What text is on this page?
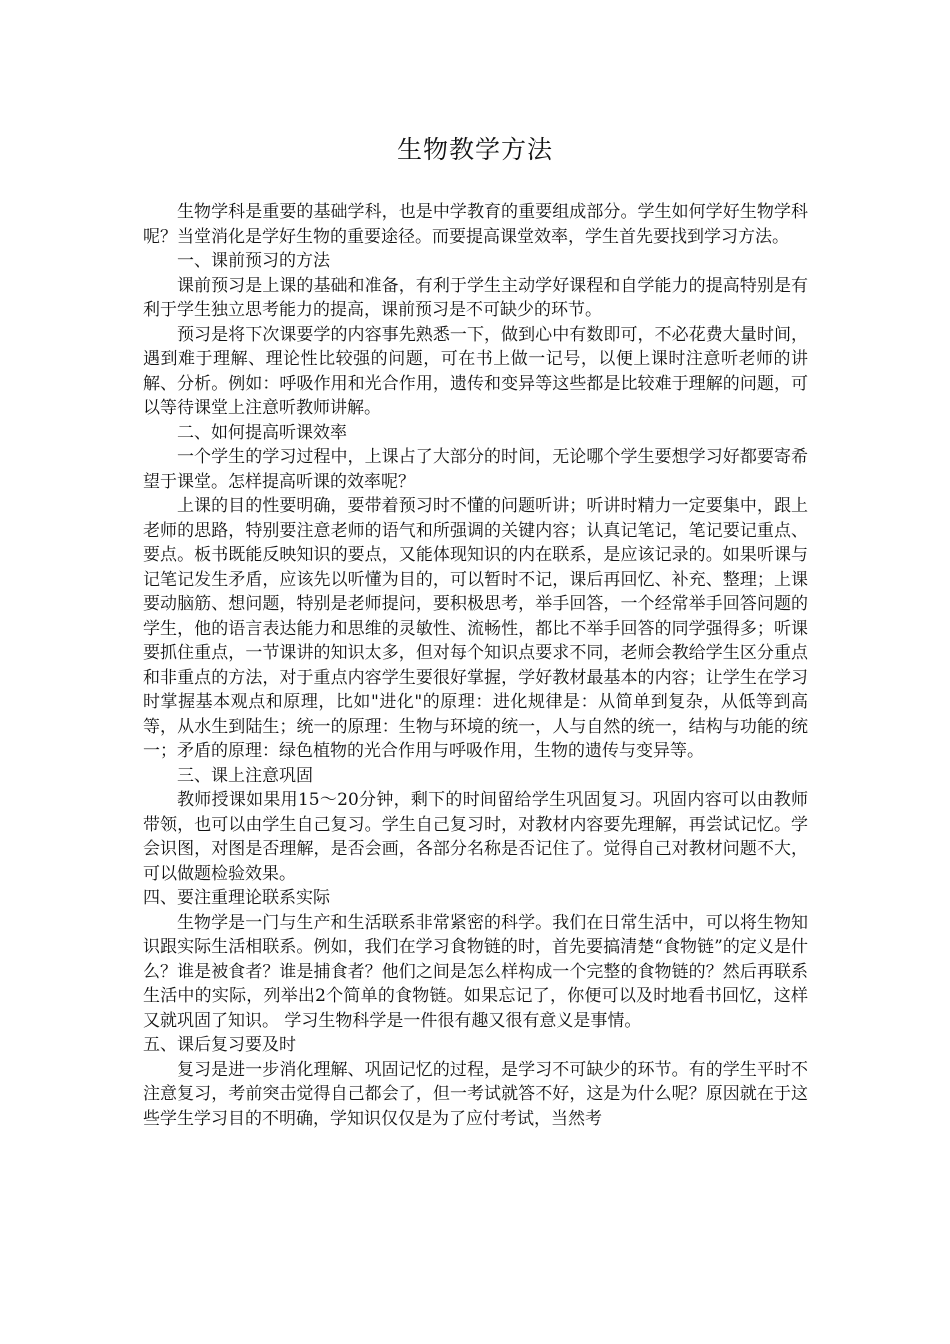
生物教学方法

生物学科是重要的基础学科，也是中学教育的重要组成部分。学生如何学好生物学科呢？当堂消化是学好生物的重要途径。而要提高课堂效率，学生首先要找到学习方法。

一、课前预习的方法

课前预习是上课的基础和准备，有利于学生主动学好课程和自学能力的提高特别是有利于学生独立思考能力的提高，课前预习是不可缺少的环节。

预习是将下次课要学的内容事先熟悉一下，做到心中有数即可，不必花费大量时间，遇到难于理解、理论性比较强的问题，可在书上做一记号，以便上课时注意听老师的讲解、分析。例如：呼吸作用和光合作用，遗传和变异等这些都是比较难于理解的问题，可以等待课堂上注意听教师讲解。

二、如何提高听课效率

一个学生的学习过程中，上课占了大部分的时间，无论哪个学生要想学习好都要寄希望于课堂。怎样提高听课的效率呢？

上课的目的性要明确，要带着预习时不懂的问题听讲；听讲时精力一定要集中，跟上老师的思路，特别要注意老师的语气和所强调的关键内容；认真记笔记，笔记要记重点、要点。板书既能反映知识的要点，又能体现知识的内在联系，是应该记录的。如果听课与记笔记发生矛盾，应该先以听懂为目的，可以暂时不记，课后再回忆、补充、整理；上课要动脑筋、想问题，特别是老师提问，要积极思考，举手回答，一个经常举手回答问题的学生，他的语言表达能力和思维的灵敏性、流畅性，都比不举手回答的同学强得多；听课要抓住重点，一节课讲的知识太多，但对每个知识点要求不同，老师会教给学生区分重点和非重点的方法，对于重点内容学生要很好掌握，学好教材最基本的内容；让学生在学习时掌握基本观点和原理，比如"进化"的原理：进化规律是：从简单到复杂，从低等到高等，从水生到陆生；统一的原理：生物与环境的统一，人与自然的统一，结构与功能的统一；矛盾的原理：绿色植物的光合作用与呼吸作用，生物的遗传与变异等。

三、课上注意巩固

教师授课如果用15～20分钟，剩下的时间留给学生巩固复习。巩固内容可以由教师带领，也可以由学生自己复习。学生自己复习时，对教材内容要先理解，再尝试记忆。学会识图，对图是否理解，是否会画，各部分名称是否记住了。觉得自己对教材问题不大，可以做题检验效果。

四、要注重理论联系实际

生物学是一门与生产和生活联系非常紧密的科学。我们在日常生活中，可以将生物知识跟实际生活相联系。例如，我们在学习食物链的时，首先要搞清楚“食物链”的定义是什么？谁是被食者？谁是捕食者？他们之间是怎么样构成一个完整的食物链的？然后再联系生活中的实际，列举出2个简单的食物链。如果忘记了，你便可以及时地看书回忆，这样又就巩固了知识。 学习生物科学是一件很有趣又很有意义是事情。

五、课后复习要及时

复习是进一步消化理解、巩固记忆的过程，是学习不可缺少的环节。有的学生平时不注意复习，考前突击觉得自己都会了，但一考试就答不好，这是为什么呢？原因就在于这些学生学习目的不明确，学知识仅仅是为了应付考试，当然考
